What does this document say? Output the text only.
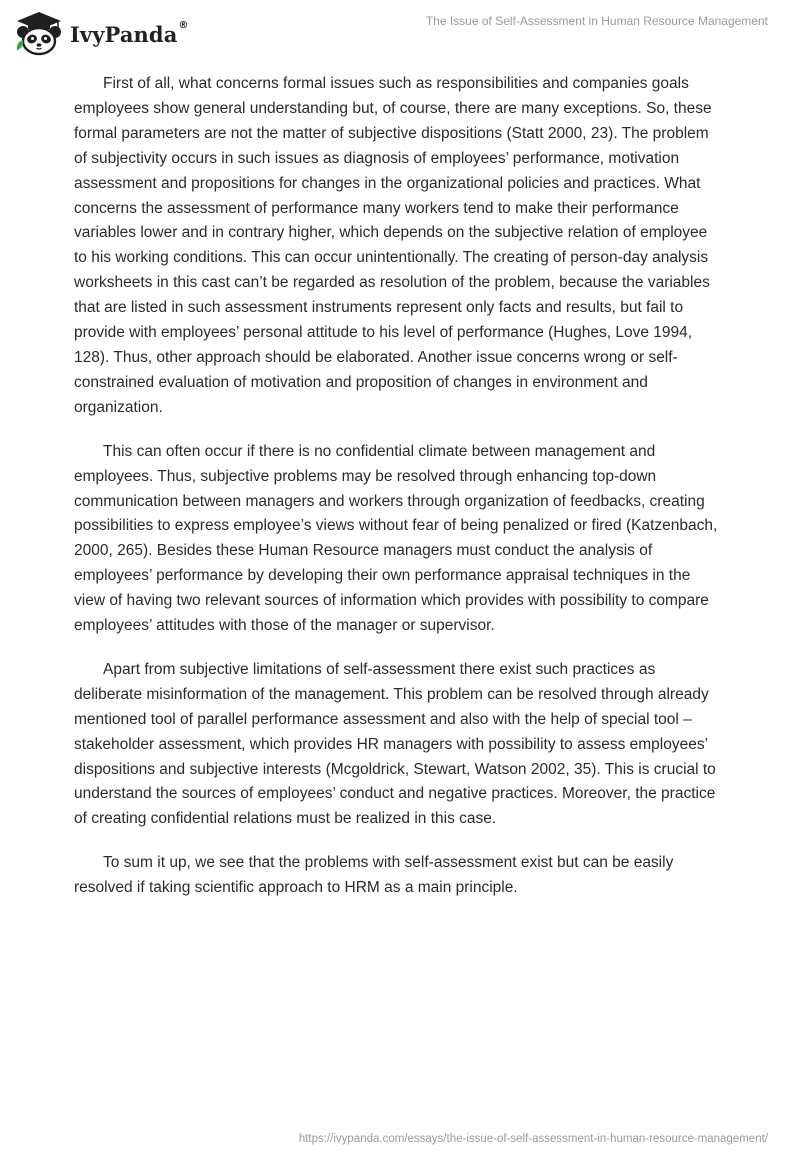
IvyPanda®	The Issue of Self-Assessment in Human Resource Management

First of all, what concerns formal issues such as responsibilities and companies goals employees show general understanding but, of course, there are many exceptions. So, these formal parameters are not the matter of subjective dispositions (Statt 2000, 23). The problem of subjectivity occurs in such issues as diagnosis of employees’ performance, motivation assessment and propositions for changes in the organizational policies and practices. What concerns the assessment of performance many workers tend to make their performance variables lower and in contrary higher, which depends on the subjective relation of employee to his working conditions. This can occur unintentionally. The creating of person-day analysis worksheets in this cast can’t be regarded as resolution of the problem, because the variables that are listed in such assessment instruments represent only facts and results, but fail to provide with employees’ personal attitude to his level of performance (Hughes, Love 1994, 128). Thus, other approach should be elaborated. Another issue concerns wrong or self-constrained evaluation of motivation and proposition of changes in environment and organization.

This can often occur if there is no confidential climate between management and employees. Thus, subjective problems may be resolved through enhancing top-down communication between managers and workers through organization of feedbacks, creating possibilities to express employee’s views without fear of being penalized or fired (Katzenbach, 2000, 265). Besides these Human Resource managers must conduct the analysis of employees’ performance by developing their own performance appraisal techniques in the view of having two relevant sources of information which provides with possibility to compare employees’ attitudes with those of the manager or supervisor.

Apart from subjective limitations of self-assessment there exist such practices as deliberate misinformation of the management. This problem can be resolved through already mentioned tool of parallel performance assessment and also with the help of special tool – stakeholder assessment, which provides HR managers with possibility to assess employees’ dispositions and subjective interests (Mcgoldrick, Stewart, Watson 2002, 35). This is crucial to understand the sources of employees’ conduct and negative practices. Moreover, the practice of creating confidential relations must be realized in this case.

To sum it up, we see that the problems with self-assessment exist but can be easily resolved if taking scientific approach to HRM as a main principle.

https://ivypanda.com/essays/the-issue-of-self-assessment-in-human-resource-management/
